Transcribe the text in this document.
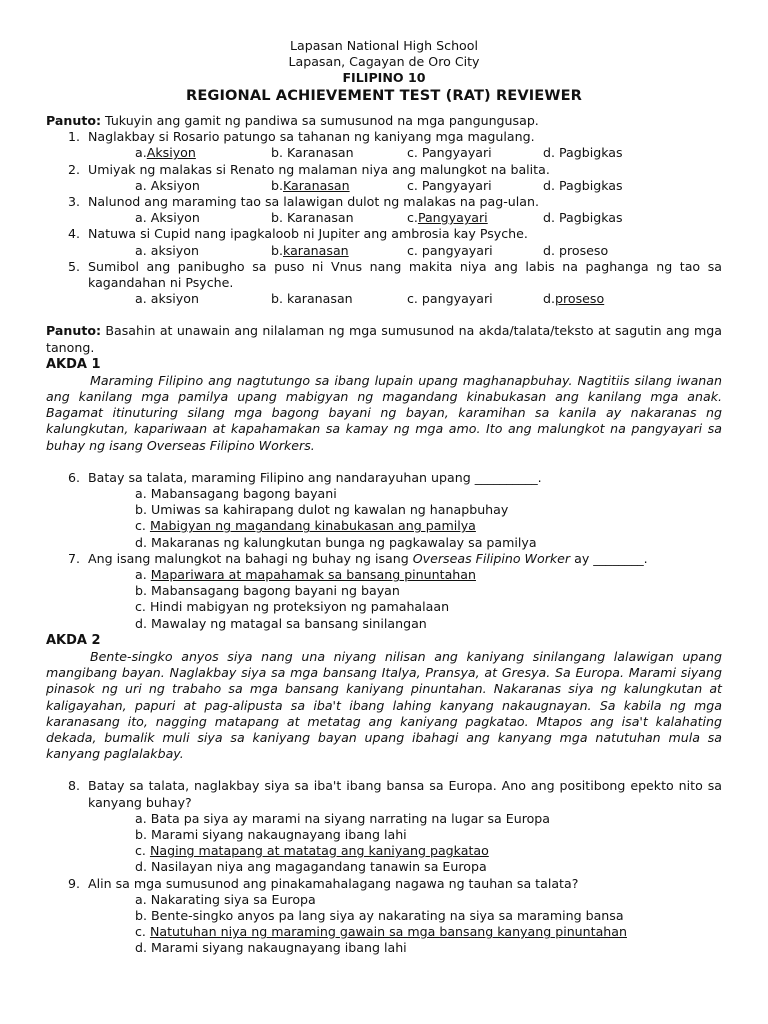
Lapasan National High School
Lapasan, Cagayan de Oro City
FILIPINO 10
REGIONAL ACHIEVEMENT TEST (RAT) REVIEWER
Panuto: Tukuyin ang gamit ng pandiwa sa sumusunod na mga pangungusap.
1. Naglakbay si Rosario patungo sa tahanan ng kaniyang mga magulang.
a.Aksiyon	b. Karanasan	c. Pangyayari	d. Pagbigkas
2. Umiyak ng malakas si Renato ng malaman niya ang malungkot na balita.
a. Aksiyon	b.Karanasan	c. Pangyayari	d. Pagbigkas
3. Nalunod ang maraming tao sa lalawigan dulot ng malakas na pag-ulan.
a. Aksiyon	b. Karanasan	c.Pangyayari	d. Pagbigkas
4. Natuwa si Cupid nang ipagkaloob ni Jupiter ang ambrosia kay Psyche.
a. aksiyon	b.karanasan	c. pangyayari	d. proseso
5. Sumibol ang panibugho sa puso ni Vnus nang makita niya ang labis na paghanga ng tao sa kagandahan ni Psyche.
a. aksiyon	b. karanasan	c. pangyayari	d.proseso
Panuto: Basahin at unawain ang nilalaman ng mga sumusunod na akda/talata/teksto at sagutin ang mga tanong.
AKDA 1
Maraming Filipino ang nagtutungo sa ibang lupain upang maghanapbuhay. Nagtitiis silang iwanan ang kanilang mga pamilya upang mabigyan ng magandang kinabukasan ang kanilang mga anak. Bagamat itinuturing silang mga bagong bayani ng bayan, karamihan sa kanila ay nakaranas ng kalungkutan, kapariwaan at kapahamakan sa kamay ng mga amo. Ito ang malungkot na pangyayari sa buhay ng isang Overseas Filipino Workers.
6. Batay sa talata, maraming Filipino ang nandarayuhan upang __________.
a. Mabansagang bagong bayani
b. Umiwas sa kahirapang dulot ng kawalan ng hanapbuhay
c. Mabigyan ng magandang kinabukasan ang pamilya
d. Makaranas ng kalungkutan bunga ng pagkawalay sa pamilya
7. Ang isang malungkot na bahagi ng buhay ng isang Overseas Filipino Worker ay ________.
a. Mapariwara at mapahamak sa bansang pinuntahan
b. Mabansagang bagong bayani ng bayan
c. Hindi mabigyan ng proteksiyon ng pamahalaan
d. Mawalay ng matagal sa bansang sinilangan
AKDA 2
Bente-singko anyos siya nang una niyang nilisan ang kaniyang sinilangang lalawigan upang mangibang bayan. Naglakbay siya sa mga bansang Italya, Pransya, at Gresya. Sa Europa. Marami siyang pinasok ng uri ng trabaho sa mga bansang kaniyang pinuntahan. Nakaranas siya ng kalungkutan at kaligayahan, papuri at pag-alipusta sa iba't ibang lahing kanyang nakaugnayan. Sa kabila ng mga karanasang ito, nagging matapang at metatag ang kaniyang pagkatao. Mtapos ang isa't kalahating dekada, bumalik muli siya sa kaniyang bayan upang ibahagi ang kanyang mga natutuhan mula sa kanyang paglalakbay.
8. Batay sa talata, naglakbay siya sa iba't ibang bansa sa Europa. Ano ang positibong epekto nito sa kanyang buhay?
a. Bata pa siya ay marami na siyang narrating na lugar sa Europa
b. Marami siyang nakaugnayang ibang lahi
c. Naging matapang at matatag ang kaniyang pagkatao
d. Nasilayan niya ang magagandang tanawin sa Europa
9. Alin sa mga sumusunod ang pinakamahalagang nagawa ng tauhan sa talata?
a. Nakarating siya sa Europa
b. Bente-singko anyos pa lang siya ay nakarating na siya sa maraming bansa
c. Natutuhan niya ng maraming gawain sa mga bansang kanyang pinuntahan
d. Marami siyang nakaugnayang ibang lahi
